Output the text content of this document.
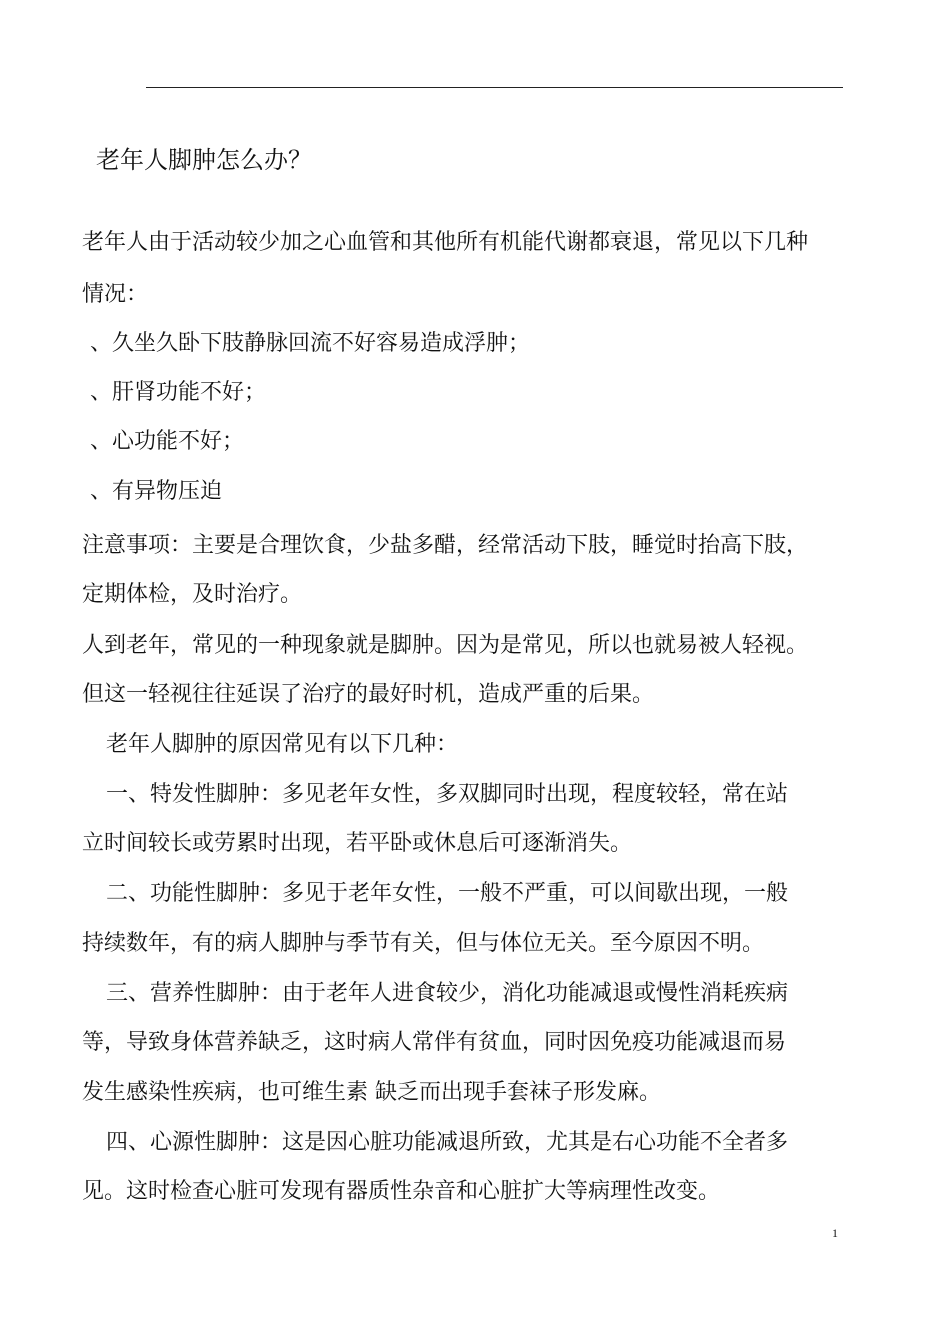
老年人脚肿怎么办？
老年人由于活动较少加之心血管和其他所有机能代谢都衰退，常见以下几种
情况：
、久坐久卧下肢静脉回流不好容易造成浮肿；
、肝肾功能不好；
、心功能不好；
、有异物压迫
注意事项：主要是合理饮食，少盐多醋，经常活动下肢，睡觉时抬高下肢，
定期体检，及时治疗。
人到老年，常见的一种现象就是脚肿。因为是常见，所以也就易被人轻视。
但这一轻视往往延误了治疗的最好时机，造成严重的后果。
老年人脚肿的原因常见有以下几种：
一、特发性脚肿：多见老年女性，多双脚同时出现，程度较轻，常在站
立时间较长或劳累时出现，若平卧或休息后可逐渐消失。
二、功能性脚肿：多见于老年女性，一般不严重，可以间歇出现，一般
持续数年，有的病人脚肿与季节有关，但与体位无关。至今原因不明。
三、营养性脚肿：由于老年人进食较少，消化功能减退或慢性消耗疾病
等，导致身体营养缺乏，这时病人常伴有贫血，同时因免疫功能减退而易
发生感染性疾病，也可维生素 缺乏而出现手套袜子形发麻。
四、心源性脚肿：这是因心脏功能减退所致，尤其是右心功能不全者多
见。这时检查心脏可发现有器质性杂音和心脏扩大等病理性改变。
1
